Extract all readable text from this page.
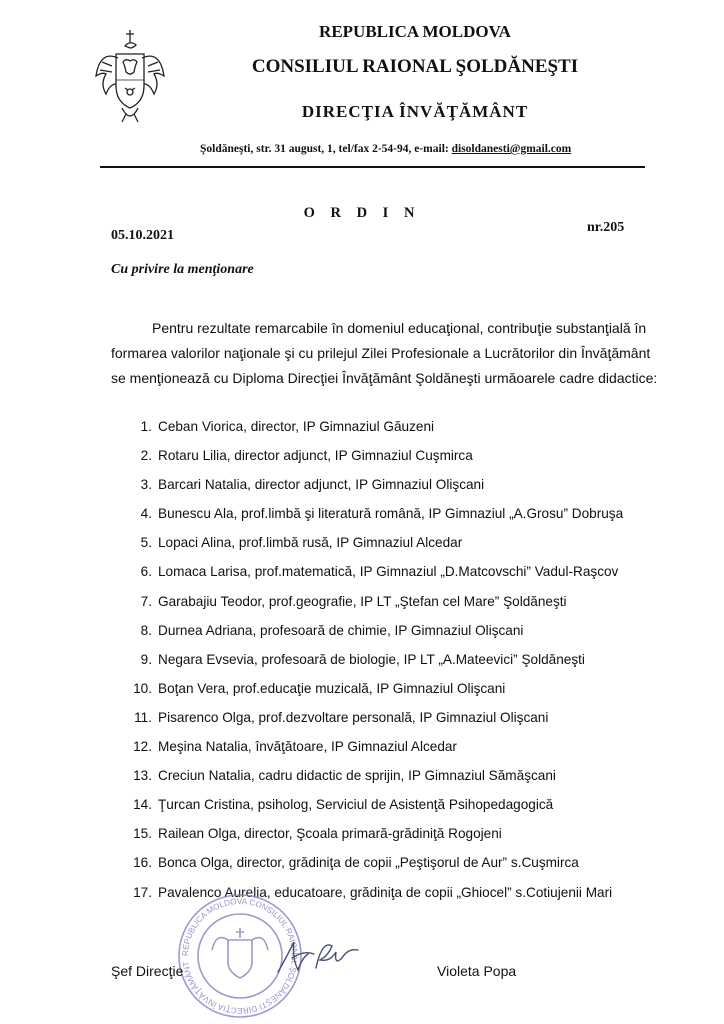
REPUBLICA MOLDOVA
CONSILIUL RAIONAL ŞOLDĂNEŞTI
DIRECŢIA ÎNVĂŢĂMÂNT
Şoldăneşti, str. 31 august, 1, tel/fax 2-54-94, e-mail: disoldanesti@gmail.com
O R D I N
05.10.2021
nr.205
Cu privire la menţionare
Pentru rezultate remarcabile în domeniul educaţional, contribuţie substanţială în
formarea valorilor naţionale şi cu prilejul Zilei Profesionale a Lucrătorilor din Învăţământ
se menţionează cu Diploma Direcţiei Învăţământ Şoldăneşti urmăoarele cadre didactice:
1. Ceban Viorica, director, IP Gimnaziul Găuzeni
2. Rotaru Lilia, director adjunct, IP Gimnaziul Cuşmirca
3. Barcari Natalia, director adjunct, IP Gimnaziul Olişcani
4. Bunescu Ala, prof.limbă şi literatură română, IP Gimnaziul „A.Grosu” Dobruşa
5. Lopaci Alina, prof.limbă rusă, IP Gimnaziul Alcedar
6. Lomaca Larisa, prof.matematică, IP Gimnaziul „D.Matcovschi” Vadul-Raşcov
7. Garabajiu Teodor, prof.geografie, IP LT „Ştefan cel Mare” Şoldăneşti
8. Durnea Adriana, profesoară de chimie, IP Gimnaziul Olişcani
9. Negara Evsevia, profesoară de biologie, IP LT „A.Mateevici” Şoldăneşti
10. Boţan Vera, prof.educaţie muzicală, IP Gimnaziul Olişcani
11. Pisarenco Olga, prof.dezvoltare personală, IP Gimnaziul Olişcani
12. Meşina Natalia, învăţătoare, IP Gimnaziul Alcedar
13. Creciun Natalia, cadru didactic de sprijin, IP Gimnaziul Sămăşcani
14. Ţurcan Cristina, psiholog, Serviciul de Asistenţă Psihopedagogică
15. Railean Olga, director, Şcoala primară-grădiniţă Rogojeni
16. Bonca Olga, director, grădiniţa de copii „Peştişorul de Aur” s.Cuşmirca
17. Pavalenco Aurelia, educatoare, grădiniţa de copii „Ghiocel” s.Cotiujenii Mari
REPUBLICA MOLDOVA CONSILIUL RAIONAL ŞOLDĂNEŞTI DIRECŢIA ÎNVĂŢĂMÂNT
Şef Direcţie	Violeta Popa
